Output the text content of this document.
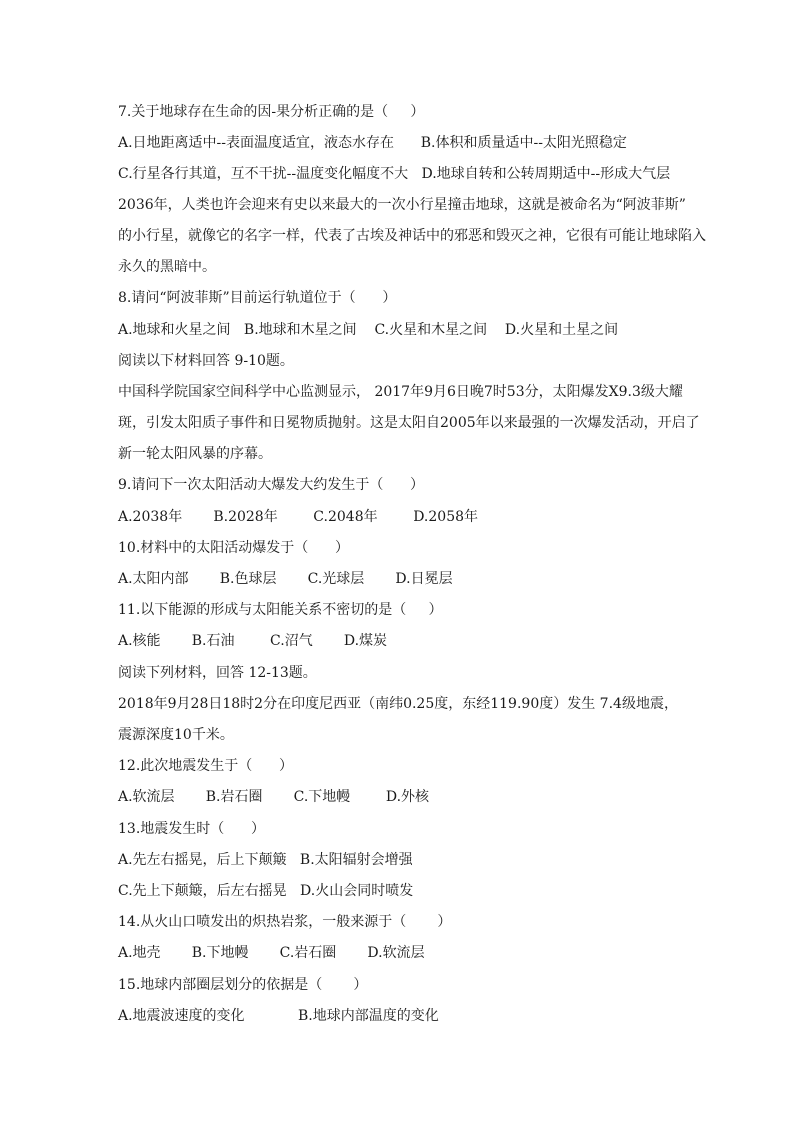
7.关于地球存在生命的因-果分析正确的是（     ）
A.日地距离适中--表面温度适宜，液态水存在      B.体积和质量适中--太阳光照稳定
C.行星各行其道，互不干扰--温度变化幅度不大   D.地球自转和公转周期适中--形成大气层
2036年，人类也许会迎来有史以来最大的一次小行星撞击地球，这就是被命名为“阿波菲斯”
的小行星，就像它的名字一样，代表了古埃及神话中的邪恶和毁灭之神，它很有可能让地球陷入
永久的黑暗中。
8.请问“阿波菲斯”目前运行轨道位于（      ）
A.地球和火星之间   B.地球和木星之间    C.火星和木星之间    D.火星和土星之间
阅读以下材料回答 9-10题。
中国科学院国家空间科学中心监测显示， 2017年9月6日晚7时53分，太阳爆发X9.3级大耀
斑，引发太阳质子事件和日冕物质抛射。这是太阳自2005年以来最强的一次爆发活动，开启了
新一轮太阳风暴的序幕。
9.请问下一次太阳活动大爆发大约发生于（      ）
A.2038年       B.2028年        C.2048年        D.2058年
10.材料中的太阳活动爆发于（      ）
A.太阳内部       B.色球层       C.光球层       D.日冕层
11.以下能源的形成与太阳能关系不密切的是（     ）
A.核能       B.石油        C.沼气       D.煤炭
阅读下列材料，回答 12-13题。
2018年9月28日18时2分在印度尼西亚（南纬0.25度，东经119.90度）发生 7.4级地震，
震源深度10千米。
12.此次地震发生于（      ）
A.软流层       B.岩石圈       C.下地幔        D.外核
13.地震发生时（      ）
A.先左右摇晃，后上下颠簸   B.太阳辐射会增强
C.先上下颠簸，后左右摇晃   D.火山会同时喷发
14.从火山口喷发出的炽热岩浆，一般来源于（       ）
A.地壳       B.下地幔       C.岩石圈       D.软流层
15.地球内部圈层划分的依据是（       ）
A.地震波速度的变化            B.地球内部温度的变化
